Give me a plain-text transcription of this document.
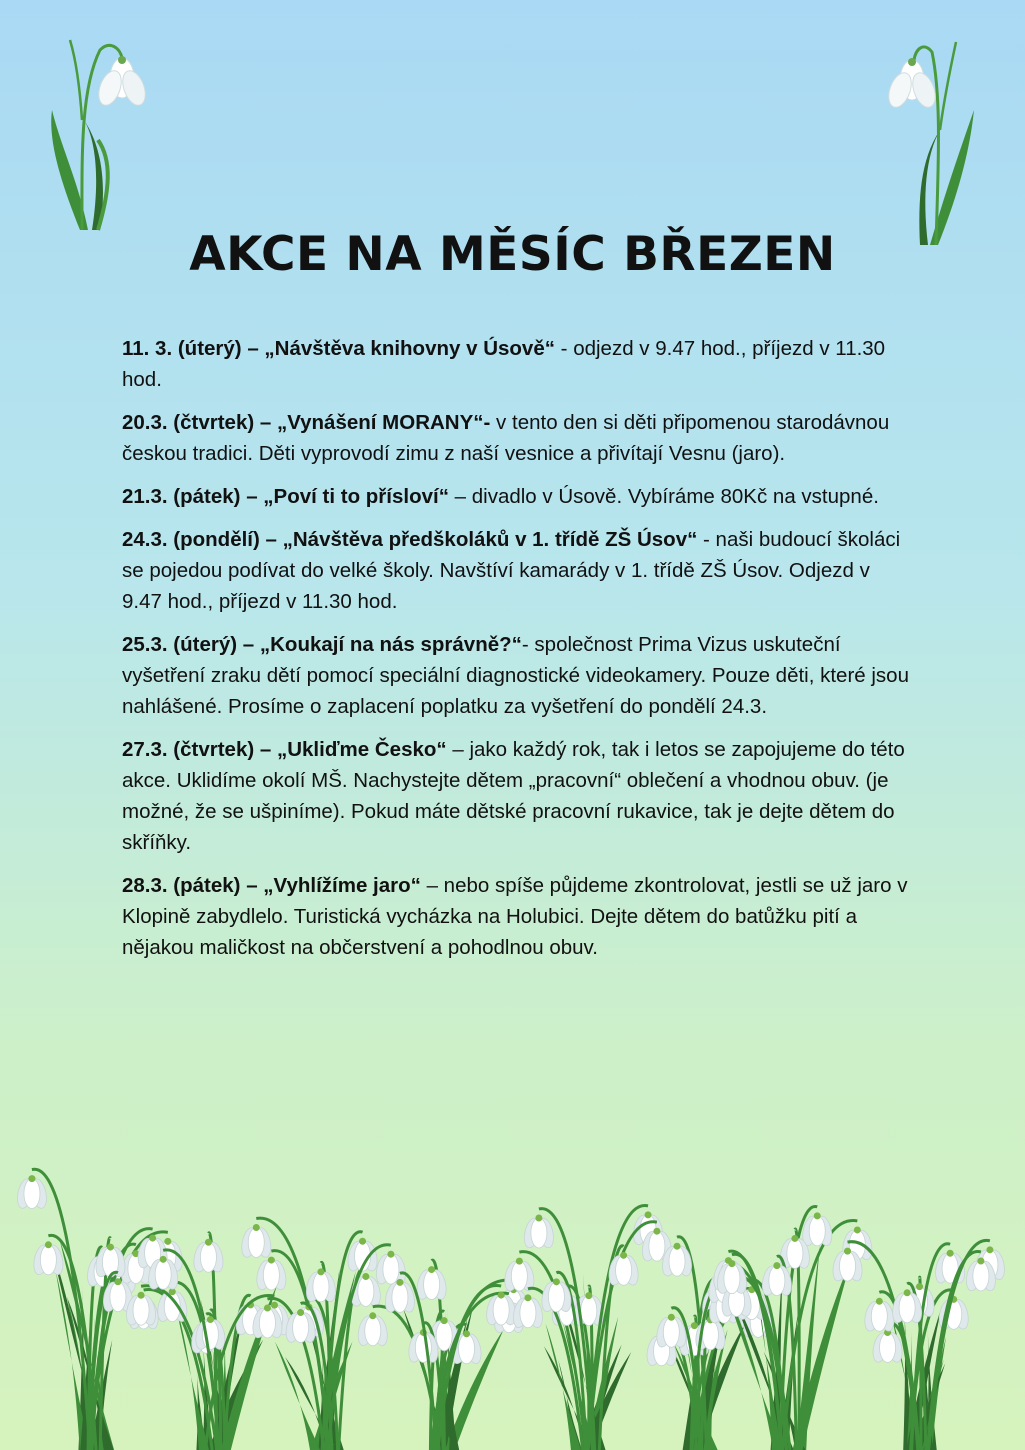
AKCE NA MĚSÍC BŘEZEN

11. 3. (úterý) – „Návštěva knihovny v Úsově“ - odjezd v 9.47 hod., příjezd v 11.30 hod.

20.3. (čtvrtek) – „Vynášení MORANY“- v tento den si děti připomenou starodávnou českou tradici. Děti vyprovodí zimu z naší vesnice a přivítají Vesnu (jaro).

21.3. (pátek) – „Poví ti to přísloví“ – divadlo v Úsově. Vybíráme 80Kč na vstupné.

24.3. (pondělí) – „Návštěva předškoláků v 1. třídě ZŠ Úsov“ - naši budoucí školáci se pojedou podívat do velké školy. Navštíví kamarády v 1. třídě ZŠ Úsov. Odjezd v 9.47 hod., příjezd v 11.30 hod.

25.3. (úterý) – „Koukají na nás správně?“- společnost Prima Vizus uskuteční vyšetření zraku dětí pomocí speciální diagnostické videokamery. Pouze děti, které jsou nahlášené. Prosíme o zaplacení poplatku za vyšetření do pondělí 24.3.

27.3. (čtvrtek) – „Ukliďme Česko“ – jako každý rok, tak i letos se zapojujeme do této akce. Uklidíme okolí MŠ. Nachystejte dětem „pracovní“ oblečení a vhodnou obuv. (je možné, že se ušpiníme). Pokud máte dětské pracovní rukavice, tak je dejte dětem do skříňky.

28.3. (pátek) – „Vyhlížíme jaro“ – nebo spíše půjdeme zkontrolovat, jestli se už jaro v Klopině zabydlelo. Turistická vycházka na Holubici. Dejte dětem do batůžku pití a nějakou maličkost na občerstvení a pohodlnou obuv.
